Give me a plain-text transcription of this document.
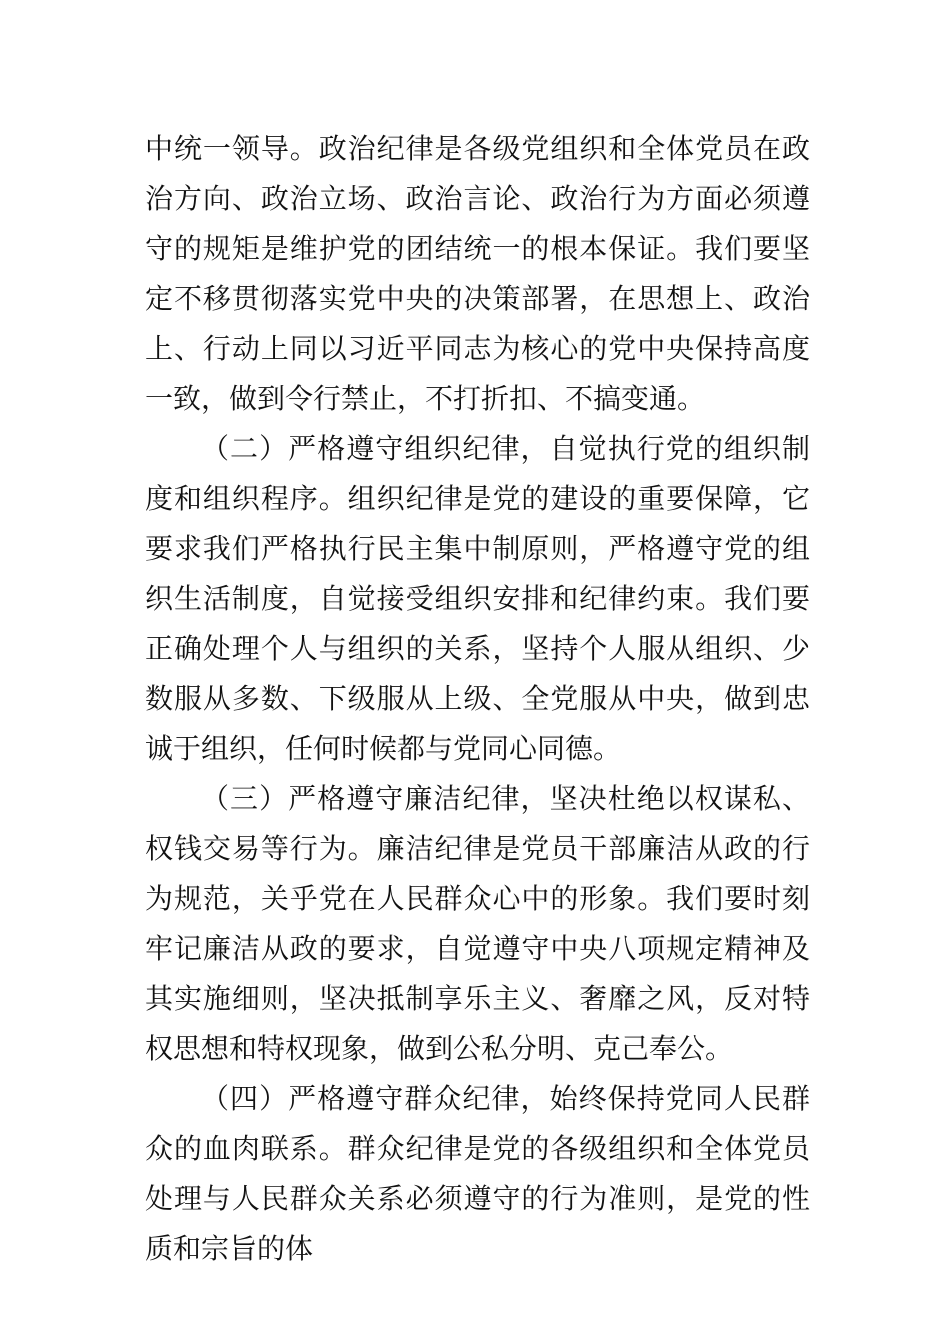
中统一领导。政治纪律是各级党组织和全体党员在政治方向、政治立场、政治言论、政治行为方面必须遵守的规矩是维护党的团结统一的根本保证。我们要坚定不移贯彻落实党中央的决策部署，在思想上、政治上、行动上同以习近平同志为核心的党中央保持高度一致，做到令行禁止，不打折扣、不搞变通。

（二）严格遵守组织纪律，自觉执行党的组织制度和组织程序。组织纪律是党的建设的重要保障，它要求我们严格执行民主集中制原则，严格遵守党的组织生活制度，自觉接受组织安排和纪律约束。我们要正确处理个人与组织的关系，坚持个人服从组织、少数服从多数、下级服从上级、全党服从中央，做到忠诚于组织，任何时候都与党同心同德。

（三）严格遵守廉洁纪律，坚决杜绝以权谋私、权钱交易等行为。廉洁纪律是党员干部廉洁从政的行为规范，关乎党在人民群众心中的形象。我们要时刻牢记廉洁从政的要求，自觉遵守中央八项规定精神及其实施细则，坚决抵制享乐主义、奢靡之风，反对特权思想和特权现象，做到公私分明、克己奉公。

（四）严格遵守群众纪律，始终保持党同人民群众的血肉联系。群众纪律是党的各级组织和全体党员处理与人民群众关系必须遵守的行为准则，是党的性质和宗旨的体
